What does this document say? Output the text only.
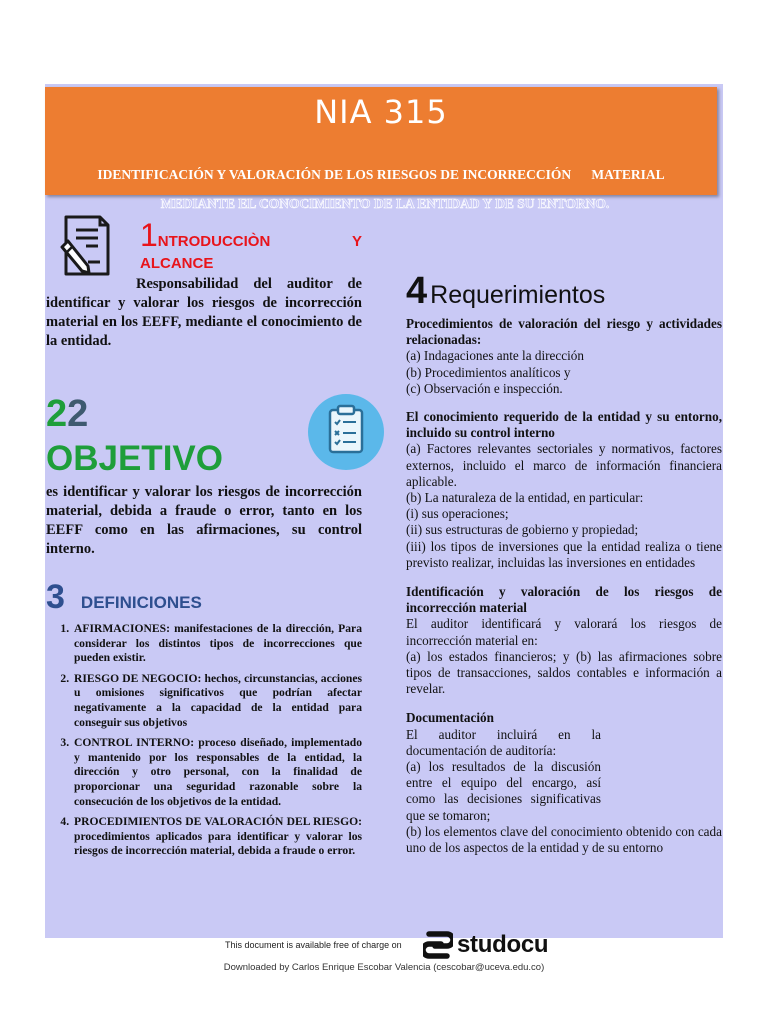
NIA 315
IDENTIFICACIÓN Y VALORACIÓN DE LOS RIESGOS DE INCORRECCIÓN      MATERIAL
MEDIANTE EL CONOCIMIENTO DE LA ENTIDAD Y DE SU ENTORNO.
1NTRODUCCIÒN	Y
ALCANCE
Responsabilidad del auditor de identificar y valorar los riesgos de incorrección material en los EEFF, mediante el conocimiento de la entidad.
22
OBJETIVO
es identificar y valorar los riesgos de incorrección material, debida a fraude o error, tanto en los EEFF como en las afirmaciones, su control interno.
3 DEFINICIONES
1. AFIRMACIONES: manifestaciones de la dirección, Para considerar los distintos tipos de incorrecciones que pueden existir.
2. RIESGO DE NEGOCIO: hechos, circunstancias, acciones u omisiones significativos que podrían afectar negativamente a la capacidad de la entidad para conseguir sus objetivos
3. CONTROL INTERNO: proceso diseñado, implementado y mantenido por los responsables de la entidad, la dirección y otro personal, con la finalidad de proporcionar una seguridad razonable sobre la consecución de los objetivos de la entidad.
4. PROCEDIMIENTOS DE VALORACIÓN DEL RIESGO: procedimientos aplicados para identificar y valorar los riesgos de incorrección material, debida a fraude o error.
4 Requerimientos
Procedimientos de valoración del riesgo y actividades relacionadas:
(a) Indagaciones ante la dirección
(b) Procedimientos analíticos y
(c) Observación e inspección.
El conocimiento requerido de la entidad y su entorno, incluido su control interno
(a) Factores relevantes sectoriales y normativos, factores externos, incluido el marco de información financiera aplicable.
(b) La naturaleza de la entidad, en particular:
(i) sus operaciones;
(ii) sus estructuras de gobierno y propiedad;
(iii) los tipos de inversiones que la entidad realiza o tiene previsto realizar, incluidas las inversiones en entidades
Identificación y valoración de los riesgos de incorrección material
El auditor identificará y valorará los riesgos de incorrección material en:
(a) los estados financieros; y (b) las afirmaciones sobre tipos de transacciones, saldos contables e información a revelar.
Documentación
El auditor incluirá en la documentación de auditoría:
(a) los resultados de la discusión entre el equipo del encargo, así como las decisiones significativas que se tomaron;
(b) los elementos clave del conocimiento obtenido con cada uno de los aspectos de la entidad y de su entorno
This document is available free of charge on studocu
Downloaded by Carlos Enrique Escobar Valencia (cescobar@uceva.edu.co)
